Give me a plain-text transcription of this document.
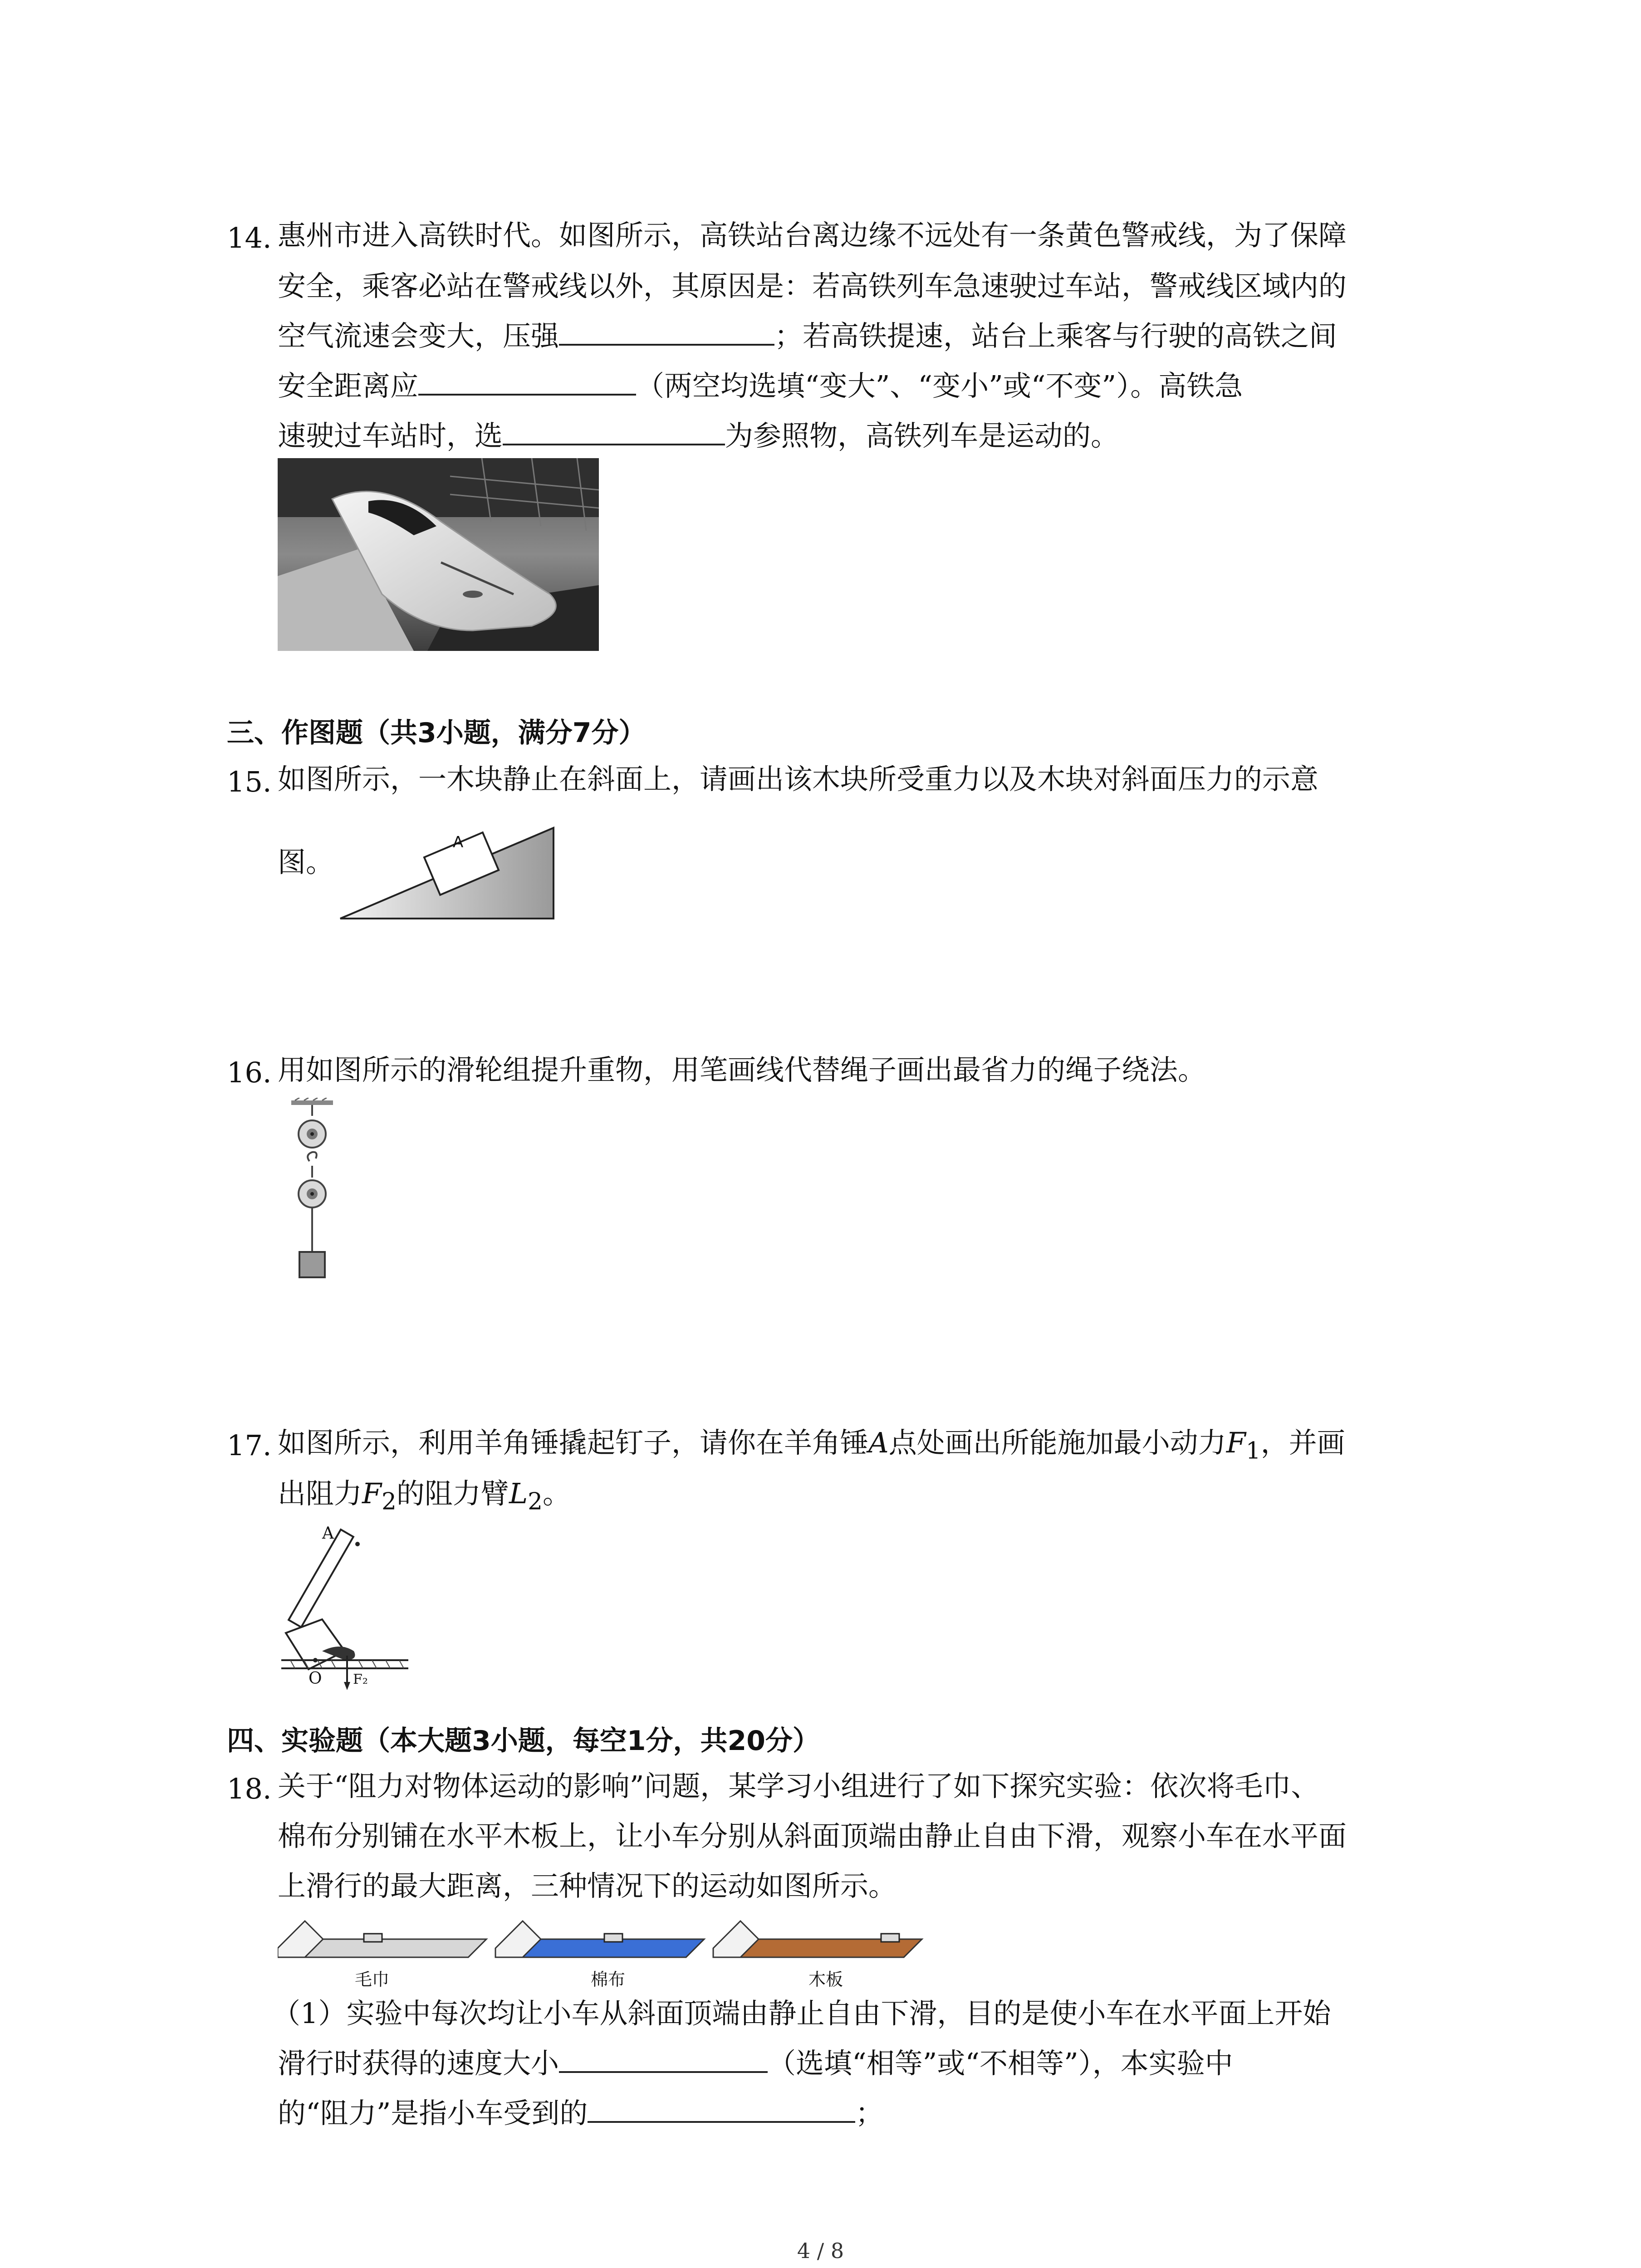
14. 惠州市进入高铁时代。如图所示，高铁站台离边缘不远处有一条黄色警戒线，为了保障
安全，乘客必站在警戒线以外，其原因是：若高铁列车急速驶过车站，警戒线区域内的
空气流速会变大，压强	；若高铁提速，站台上乘客与行驶的高铁之间
安全距离应	（两空均选填“变大”、“变小”或“不变”）。高铁急
速驶过车站时，选	为参照物，高铁列车是运动的。
三、作图题（共3小题，满分7分）
15. 如图所示，一木块静止在斜面上，请画出该木块所受重力以及木块对斜面压力的示意
图。
A
16. 用如图所示的滑轮组提升重物，用笔画线代替绳子画出最省力的绳子绕法。
17. 如图所示，利用羊角锤撬起钉子，请你在羊角锤A点处画出所能施加最小动力$F_1$，并画
出阻力$F_2$的阻力臂$L_2$。
A
O F₂
四、实验题（本大题3小题，每空1分，共20分）
18. 关于“阻力对物体运动的影响”问题，某学习小组进行了如下探究实验：依次将毛巾、
棉布分别铺在水平木板上，让小车分别从斜面顶端由静止自由下滑，观察小车在水平面
上滑行的最大距离，三种情况下的运动如图所示。
毛巾	棉布	木板
（1）实验中每次均让小车从斜面顶端由静止自由下滑，目的是使小车在水平面上开始
滑行时获得的速度大小	（选填“相等”或“不相等”），本实验中
的“阻力”是指小车受到的	；
4 / 8
